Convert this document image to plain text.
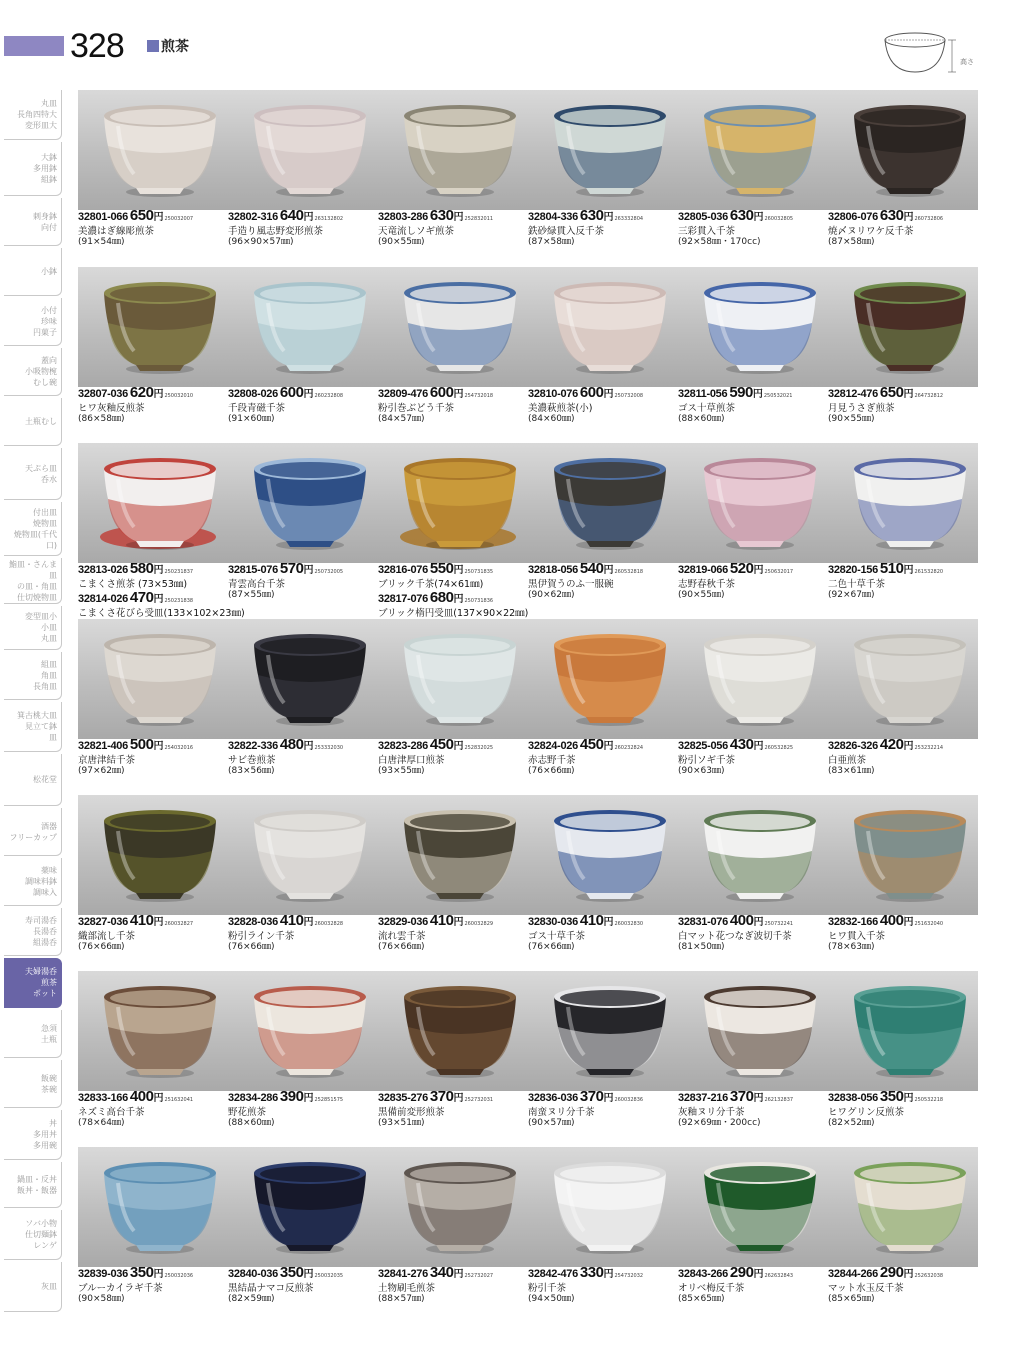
328	煎茶
高さ
丸皿
長角四特大
変形皿大
大鉢
多用鉢
組鉢
刺身鉢
向付
小鉢
小付
珍味
円菓子
蓋向
小吸物椀
むし碗
土瓶むし
天ぷら皿
呑水
付出皿
焼物皿
焼物皿(千代口)
鮨皿・さんま皿
の皿・角皿
仕切焼物皿
変型皿小
小皿
丸皿
組皿
角皿
長角皿
箕古桃大皿
見立て鉢
皿
松花堂
酒器
フリーカップ
薬味
調味料鉢
調味入
寿司湯呑
長湯呑
組湯呑
夫婦湯呑
煎茶
ポット
急須
土瓶
飯碗
茶碗
丼
多用丼
多用碗
鍋皿・反丼
飯丼・飯器
ソバ小物
仕切麺鉢
レンゲ
灰皿
32801-066 650円250032007
美濃はぎ線彫煎茶
(91×54㎜)
32802-316 640円263132802
手造り風志野変形煎茶
(96×90×57㎜)
32803-286 630円252832011
天竜流しソギ煎茶
(90×55㎜)
32804-336 630円263332804
鉄砂緑貫入反千茶
(87×58㎜)
32805-036 630円260032805
三彩貫入千茶
(92×58㎜・170cc)
32806-076 630円260732806
焼〆ヌリワケ反千茶
(87×58㎜)
32807-036 620円250032010
ヒワ灰釉反煎茶
(86×58㎜)
32808-026 600円260232808
千段青磁千茶
(91×60㎜)
32809-476 600円254732018
粉引巻ぶどう千茶
(84×57㎜)
32810-076 600円250732008
美濃萩煎茶(小)
(84×60㎜)
32811-056 590円250532021
ゴス十草煎茶
(88×60㎜)
32812-476 650円264732812
月見うさぎ煎茶
(90×55㎜)
32813-026 580円250231837
こまくさ煎茶 (73×53㎜)
32814-026 470円250231838
こまくさ花びら受皿(133×102×23㎜)
32815-076 570円250732005
青雲高台千茶
(87×55㎜)
32816-076 550円250731835
ブリック千茶(74×61㎜)
32817-076 680円250731836
ブリック楕円受皿(137×90×22㎜)
32818-056 540円260532818
黒伊賀うのふ一服碗
(90×62㎜)
32819-066 520円250632017
志野春秋千茶
(90×55㎜)
32820-156 510円261532820
二色十草千茶
(92×67㎜)
32821-406 500円254032016
京唐津結千茶
(97×62㎜)
32822-336 480円253332030
サビ巻煎茶
(83×56㎜)
32823-286 450円252832025
白唐津厚口煎茶
(93×55㎜)
32824-026 450円260232824
赤志野千茶
(76×66㎜)
32825-056 430円260532825
粉引ソギ千茶
(90×63㎜)
32826-326 420円253232214
白亜煎茶
(83×61㎜)
32827-036 410円260032827
織部流し千茶
(76×66㎜)
32828-036 410円260032828
粉引ライン千茶
(76×66㎜)
32829-036 410円260032829
流れ雲千茶
(76×66㎜)
32830-036 410円260032830
ゴス十草千茶
(76×66㎜)
32831-076 400円250732241
白マット花つなぎ波切千茶
(81×50㎜)
32832-166 400円251632040
ヒワ貫入千茶
(78×63㎜)
32833-166 400円251632041
ネズミ高台千茶
(78×64㎜)
32834-286 390円252851575
野花煎茶
(88×60㎜)
32835-276 370円252732031
黒備前変形煎茶
(93×51㎜)
32836-036 370円260032836
南蛮ヌリ分千茶
(90×57㎜)
32837-216 370円262132837
灰釉ヌリ分千茶
(92×69㎜・200cc)
32838-056 350円250532218
ヒワグリン反煎茶
(82×52㎜)
32839-036 350円250032036
ブルーカイラギ千茶
(90×58㎜)
32840-036 350円250032035
黒結晶ナマコ反煎茶
(82×59㎜)
32841-276 340円252732027
土物刷毛煎茶
(88×57㎜)
32842-476 330円254732032
粉引千茶
(94×50㎜)
32843-266 290円262632843
オリベ梅反千茶
(85×65㎜)
32844-266 290円252632038
マット水玉反千茶
(85×65㎜)
